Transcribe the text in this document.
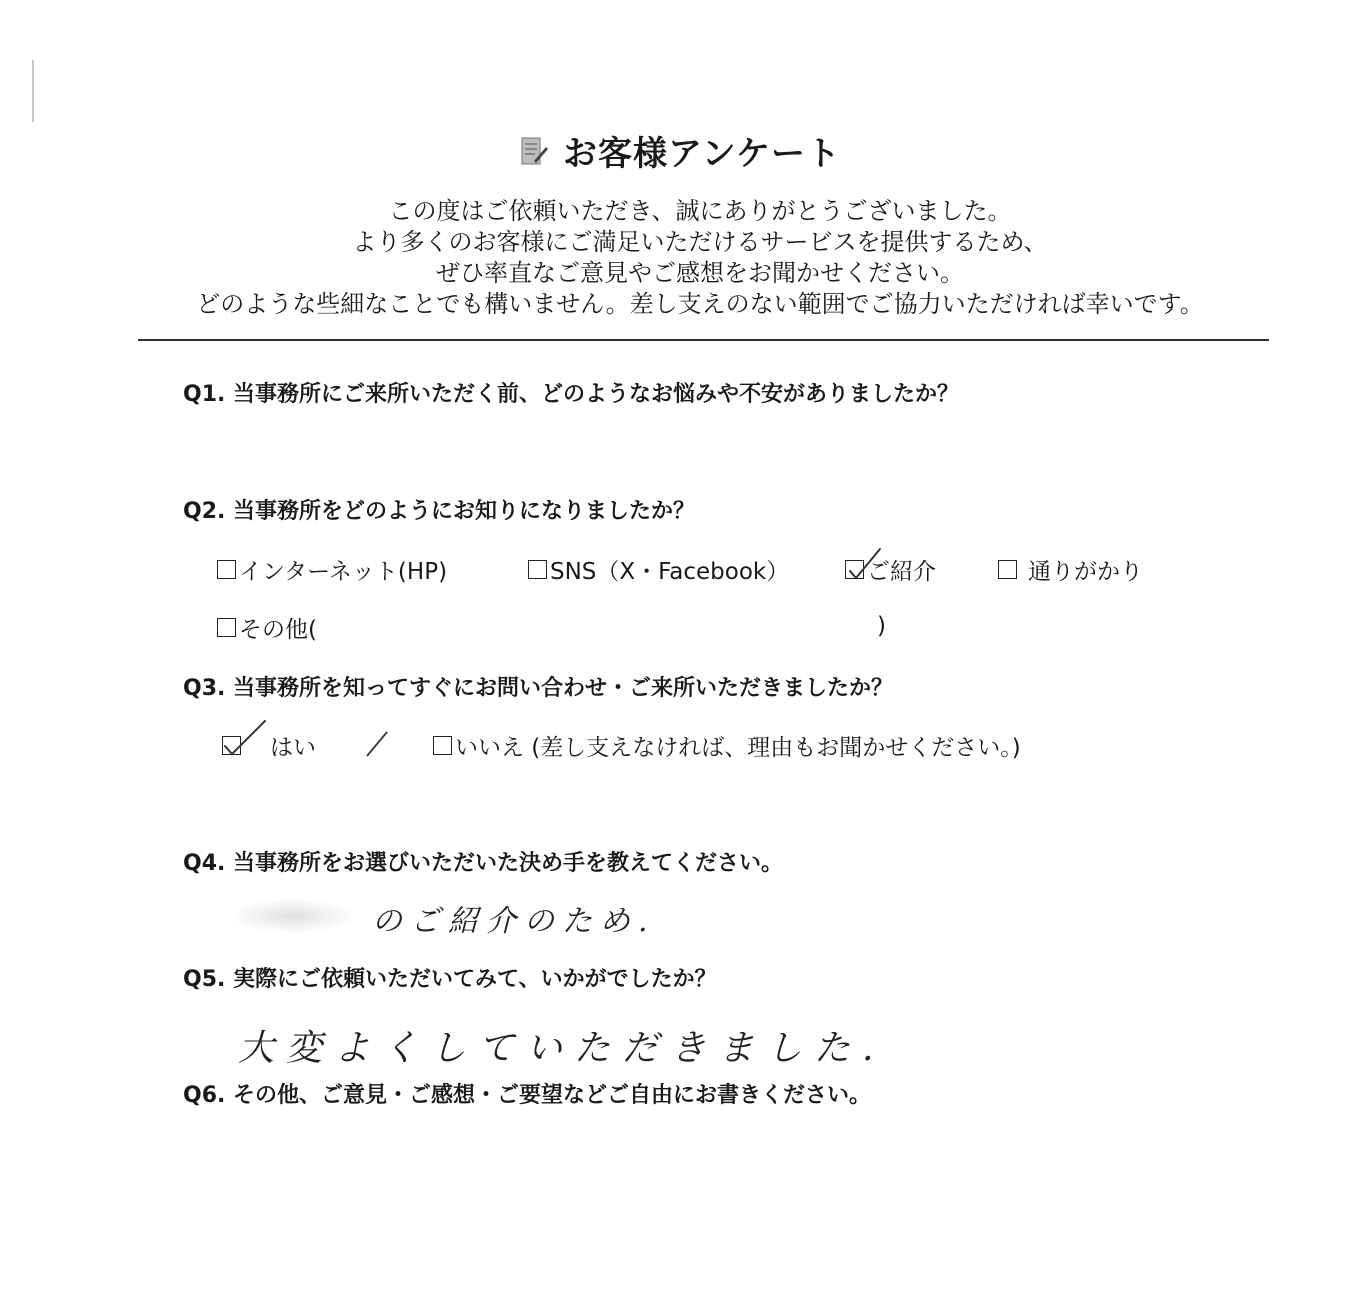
お客様アンケート
この度はご依頼いただき、誠にありがとうございました。
より多くのお客様にご満足いただけるサービスを提供するため、
ぜひ率直なご意見やご感想をお聞かせください。
どのような些細なことでも構いません。差し支えのない範囲でご協力いただければ幸いです。
Q1. 当事務所にご来所いただく前、どのようなお悩みや不安がありましたか？
Q2. 当事務所をどのようにお知りになりましたか？
インターネット(HP)	SNS（X・Facebook）	ご紹介	通りがかり
その他(	)
Q3. 当事務所を知ってすぐにお問い合わせ・ご来所いただきましたか？
はい	いいえ (差し支えなければ、理由もお聞かせください。)
Q4. 当事務所をお選びいただいた決め手を教えてください。
のご紹介のため.
Q5. 実際にご依頼いただいてみて、いかがでしたか？
大変よくしていただきました.
Q6. その他、ご意見・ご感想・ご要望などご自由にお書きください。
